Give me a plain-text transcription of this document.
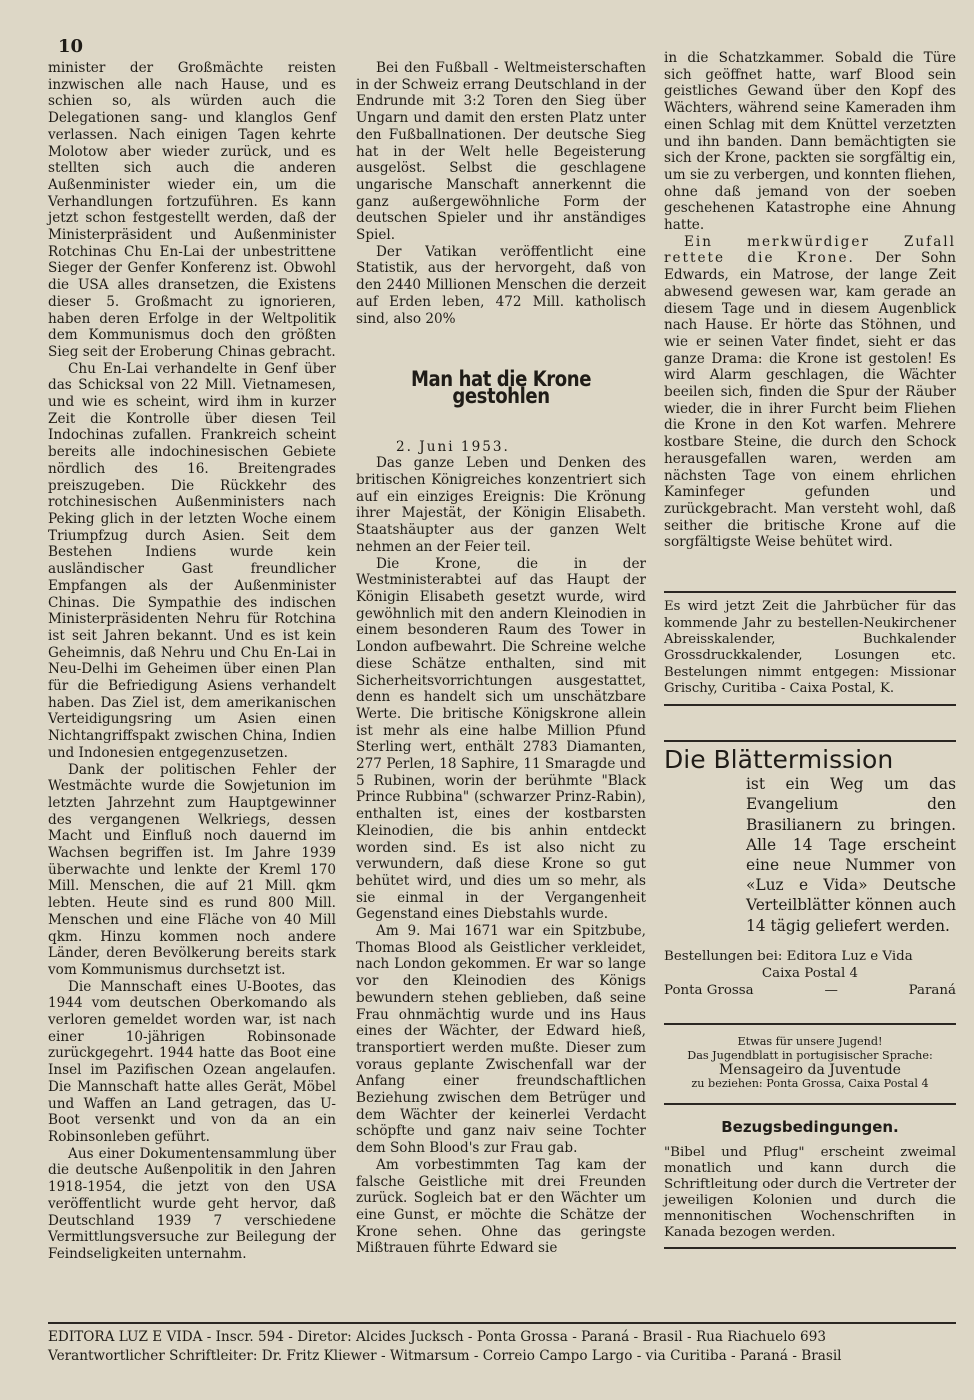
10

minister der Großmächte reisten inzwischen alle nach Hause, und es schien so, als würden auch die Delegationen sang- und klanglos Genf verlassen. Nach einigen Tagen kehrte Molotow aber wieder zurück, und es stellten sich auch die anderen Außenminister wieder ein, um die Verhandlungen fortzuführen. Es kann jetzt schon festgestellt werden, daß der Ministerpräsident und Außenminister Rotchinas Chu En-Lai der unbestrittene Sieger der Genfer Konferenz ist. Obwohl die USA alles dransetzen, die Existens dieser 5. Großmacht zu ignorieren, haben deren Erfolge in der Weltpolitik dem Kommunismus doch den größten Sieg seit der Eroberung Chinas gebracht.

Chu En-Lai verhandelte in Genf über das Schicksal von 22 Mill. Vietnamesen, und wie es scheint, wird ihm in kurzer Zeit die Kontrolle über diesen Teil Indochinas zufallen. Frankreich scheint bereits alle indochinesischen Gebiete nördlich des 16. Breitengrades preiszugeben. Die Rückkehr des rotchinesischen Außenministers nach Peking glich in der letzten Woche einem Triumpfzug durch Asien. Seit dem Bestehen Indiens wurde kein ausländischer Gast freundlicher Empfangen als der Außenminister Chinas. Die Sympathie des indischen Ministerpräsidenten Nehru für Rotchina ist seit Jahren bekannt. Und es ist kein Geheimnis, daß Nehru und Chu En-Lai in Neu-Delhi im Geheimen über einen Plan für die Befriedigung Asiens verhandelt haben. Das Ziel ist, dem amerikanischen Verteidigungsring um Asien einen Nichtangriffspakt zwischen China, Indien und Indonesien entgegenzusetzen.

Dank der politischen Fehler der Westmächte wurde die Sowjetunion im letzten Jahrzehnt zum Hauptgewinner des vergangenen Welkriegs, dessen Macht und Einfluß noch dauernd im Wachsen begriffen ist. Im Jahre 1939 überwachte und lenkte der Kreml 170 Mill. Menschen, die auf 21 Mill. qkm lebten. Heute sind es rund 800 Mill. Menschen und eine Fläche von 40 Mill qkm. Hinzu kommen noch andere Länder, deren Bevölkerung bereits stark vom Kommunismus durchsetzt ist.

Die Mannschaft eines U-Bootes, das 1944 vom deutschen Oberkomando als verloren gemeldet worden war, ist nach einer 10-jährigen Robinsonade zurückgegehrt. 1944 hatte das Boot eine Insel im Pazifischen Ozean angelaufen. Die Mannschaft hatte alles Gerät, Möbel und Waffen an Land getragen, das U-Boot versenkt und von da an ein Robinsonleben geführt.

Aus einer Dokumentensammlung über die deutsche Außenpolitik in den Jahren 1918-1954, die jetzt von den USA veröffentlicht wurde geht hervor, daß Deutschland 1939 7 verschiedene Vermittlungsversuche zur Beilegung der Feindseligkeiten unternahm.

Bei den Fußball - Weltmeisterschaften in der Schweiz errang Deutschland in der Endrunde mit 3:2 Toren den Sieg über Ungarn und damit den ersten Platz unter den Fußballnationen. Der deutsche Sieg hat in der Welt helle Begeisterung ausgelöst. Selbst die geschlagene ungarische Manschaft annerkennt die ganz außergewöhnliche Form der deutschen Spieler und ihr anständiges Spiel.

Der Vatikan veröffentlicht eine Statistik, aus der hervorgeht, daß von den 2440 Millionen Menschen die derzeit auf Erden leben, 472 Mill. katholisch sind, also 20%

Man hat die Krone gestohlen

2. Juni 1953.

Das ganze Leben und Denken des britischen Königreiches konzentriert sich auf ein einziges Ereignis: Die Krönung ihrer Majestät, der Königin Elisabeth. Staatshäupter aus der ganzen Welt nehmen an der Feier teil.

Die Krone, die in der Westministerabtei auf das Haupt der Königin Elisabeth gesetzt wurde, wird gewöhnlich mit den andern Kleinodien in einem besonderen Raum des Tower in London aufbewahrt. Die Schreine welche diese Schätze enthalten, sind mit Sicherheitsvorrichtungen ausgestattet, denn es handelt sich um unschätzbare Werte. Die britische Königskrone allein ist mehr als eine halbe Million Pfund Sterling wert, enthält 2783 Diamanten, 277 Perlen, 18 Saphire, 11 Smaragde und 5 Rubinen, worin der berühmte "Black Prince Rubbina" (schwarzer Prinz-Rabin), enthalten ist, eines der kostbarsten Kleinodien, die bis anhin entdeckt worden sind. Es ist also nicht zu verwundern, daß diese Krone so gut behütet wird, und dies um so mehr, als sie einmal in der Vergangenheit Gegenstand eines Diebstahls wurde.

Am 9. Mai 1671 war ein Spitzbube, Thomas Blood als Geistlicher verkleidet, nach London gekommen. Er war so lange vor den Kleinodien des Königs bewundern stehen geblieben, daß seine Frau ohnmächtig wurde und ins Haus eines der Wächter, der Edward hieß, transportiert werden mußte. Dieser zum voraus geplante Zwischenfall war der Anfang einer freundschaftlichen Beziehung zwischen dem Betrüger und dem Wächter der keinerlei Verdacht schöpfte und ganz naiv seine Tochter dem Sohn Blood's zur Frau gab.

Am vorbestimmten Tag kam der falsche Geistliche mit drei Freunden zurück. Sogleich bat er den Wächter um eine Gunst, er möchte die Schätze der Krone sehen. Ohne das geringste Mißtrauen führte Edward sie

in die Schatzkammer. Sobald die Türe sich geöffnet hatte, warf Blood sein geistliches Gewand über den Kopf des Wächters, während seine Kameraden ihm einen Schlag mit dem Knüttel verzetzten und ihn banden. Dann bemächtigten sie sich der Krone, packten sie sorgfältig ein, um sie zu verbergen, und konnten fliehen, ohne daß jemand von der soeben geschehenen Katastrophe eine Ahnung hatte.

Ein merkwürdiger Zufall rettete die Krone. Der Sohn Edwards, ein Matrose, der lange Zeit abwesend gewesen war, kam gerade an diesem Tage und in diesem Augenblick nach Hause. Er hörte das Stöhnen, und wie er seinen Vater findet, sieht er das ganze Drama: die Krone ist gestolen! Es wird Alarm geschlagen, die Wächter beeilen sich, finden die Spur der Räuber wieder, die in ihrer Furcht beim Fliehen die Krone in den Kot warfen. Mehrere kostbare Steine, die durch den Schock herausgefallen waren, werden am nächsten Tage von einem ehrlichen Kaminfeger gefunden und zurückgebracht. Man versteht wohl, daß seither die britische Krone auf die sorgfältigste Weise behütet wird.

Es wird jetzt Zeit die Jahrbücher für das kommende Jahr zu bestellen-Neukirchener Abreisskalender, Buchkalender Grossdruckkalender, Losungen etc. Bestelungen nimmt entgegen: Missionar Grischy, Curitiba - Caixa Postal, K.
Die Blättermission
ist ein Weg um das Evangelium den Brasilianern zu bringen. Alle 14 Tage erscheint eine neue Nummer von «Luz e Vida» Deutsche Verteilblätter können auch 14 tägig geliefert werden.
Bestellungen bei: Editora Luz e Vida
Caixa Postal 4
Ponta Grossa	—	Paraná
Etwas für unsere Jugend!
Das Jugendblatt in portugisischer Sprache:
Mensageiro da Juventude
zu beziehen: Ponta Grossa, Caixa Postal 4
Bezugsbedingungen.
"Bibel und Pflug" erscheint zweimal monatlich und kann durch die Schriftleitung oder durch die Vertreter der jeweiligen Kolonien und durch die mennonitischen Wochenschriften in Kanada bezogen werden.
EDITORA LUZ E VIDA - Inscr. 594 - Diretor: Alcides Jucksch - Ponta Grossa - Paraná - Brasil - Rua Riachuelo 693
Verantwortlicher Schriftleiter: Dr. Fritz Kliewer - Witmarsum - Correio Campo Largo - via Curitiba - Paraná - Brasil
